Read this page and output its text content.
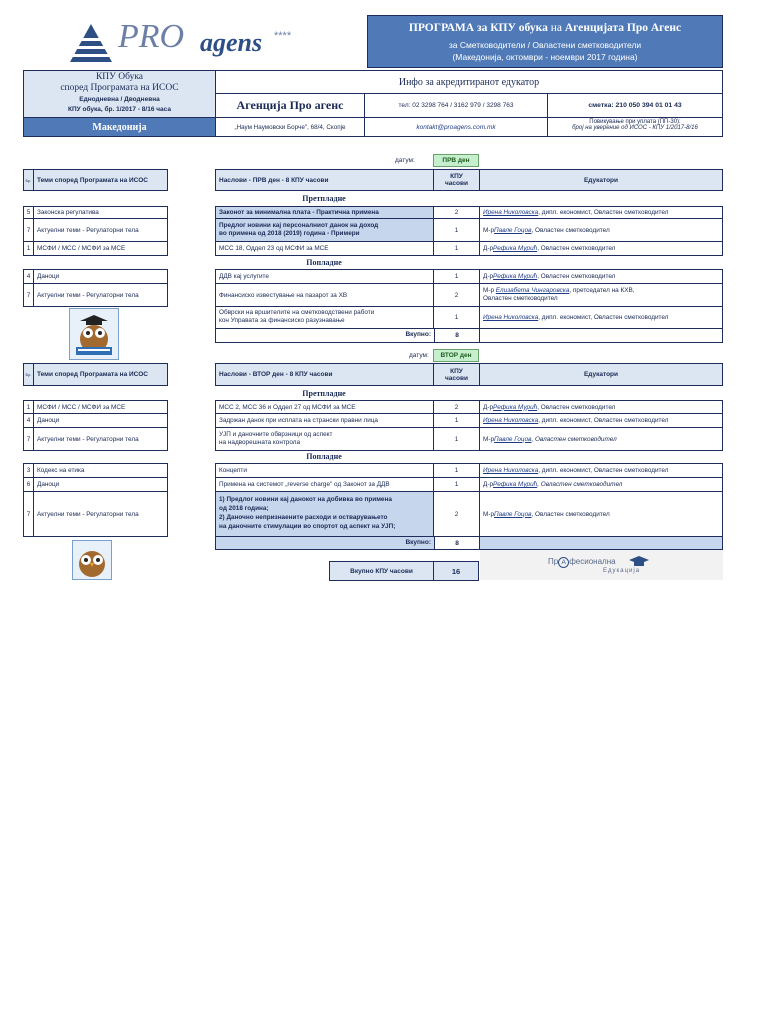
PRO agens ****
ПРОГРАМА за КПУ обука на Агенцијата Про Агенс
за Сметководители / Овластени сметководители
(Македонија, октомври - ноември 2017 година)
КПУ Обука
според Програмата на ИСОС
Еднодневна / Дводневна
КПУ обука, бр. 1/2017 - 8/16 часа
Македонија
Инфо за акредитиранот едукатор
Агенција Про агенс	тел: 02 3298 764 / 3162 979 / 3298 763	сметка: 210 050 394 01 01 43
„Наум Наумовски Борче", 68/4, Скопје	kontakt@proagens.com.mk
Повикување при уплата (ПП-30):
број на уверение од ИСОС - КПУ 1/2017-8/16
датум:	ПРВ ден
Бр. Теми според Програмата на ИСОС
5	Законска регулатива
7	Актуелни теми - Регулаторни тела
1	МСФИ / МСС / МСФИ за МСЕ
4	Даноци
7	Актуелни теми - Регулаторни тела
Наслови - ПРВ ден - 8 КПУ часови	КПУ часови	Едукатори
Претпладне
Законот за минимална плата - Практична примена	2	Ирена Николовска , дипл. економист, Овластен сметководител
Предлог новини кај персоналниот данок на доход
во примена од 2018 (2019) година - Примери	1	М-р Павле Гоцов , Овластен сметководител
МСС 18, Оддел 23 од МСФИ за МСЕ	1	Д-р Рефика Мурић , Овластен сметководител
Попладне
ДДВ кај услугите	1	Д-р Рефика Мурић , Овластен сметководител
Финансиско известување на пазарот за ХВ	2
М-р Елизабета Чингаровска, претседател на КХВ,
Овластен сметководител
Обврски на вршителите на сметководствени работи
кон Управата за финансиско разузнавање	1	Ирена Николовска , дипл. економист, Овластен сметководител
Вкупно:	8
датум:	ВТОР ден
Бр. Теми според Програмата на ИСОС
1	МСФИ / МСС / МСФИ за МСЕ
4	Даноци
7	Актуелни теми - Регулаторни тела
3	Кодекс на етика
6	Даноци
7	Актуелни теми - Регулаторни тела
Наслови - ВТОР ден - 8 КПУ часови	КПУ часови	Едукатори
Претпладне
МСС 2, МСС 36 и Оддел 27 од МСФИ за МСЕ	2	Д-р Рефика Мурић , Овластен сметководител
Задржан данок при исплата на странски правни лица	1	Ирена Николовска , дипл. економист, Овластен сметководител
УЈП и даночните обврзници од аспект
на надворешната контрола	1	М-р Павле Гоцов , Овластен сметководител
Попладне
Концепти	1	Ирена Николовска , дипл. економист, Овластен сметководител
Примена на системот „reverse charge" од Законот за ДДВ	1	Д-р Рефика Мурић , Овластен сметководител
1) Предлог новини кај данокот на добивка во примена
од 2018 година;
2) Даночно непризнаените расходи и остварувањето
на даночните стимулации во спортот од аспект на УЈП;
2	М-р Павле Гоцов , Овластен сметководител
Вкупно:	8
Вкупно КПУ часови	16
Пр А фесионална
Едукација
